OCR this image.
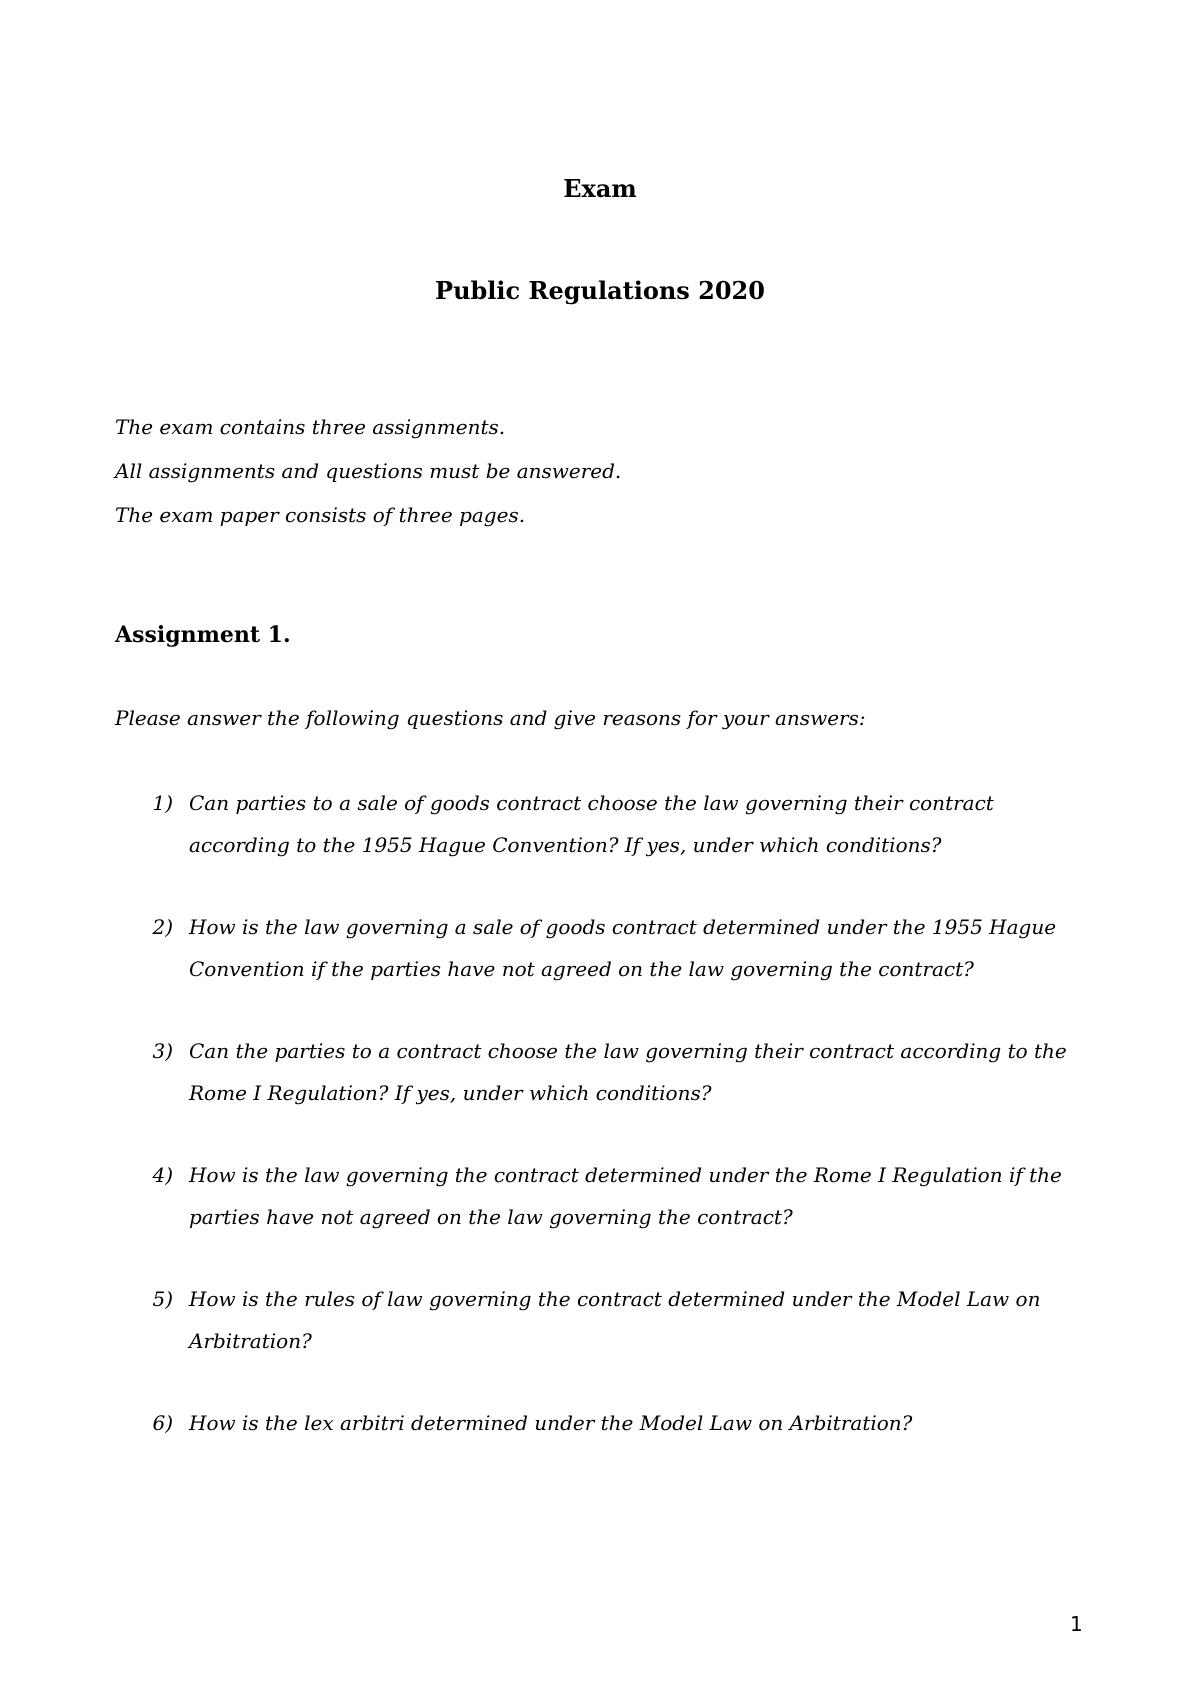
Exam
Public Regulations 2020
The exam contains three assignments.
All assignments and questions must be answered.
The exam paper consists of three pages.
Assignment 1.
Please answer the following questions and give reasons for your answers:
1) Can parties to a sale of goods contract choose the law governing their contract according to the 1955 Hague Convention? If yes, under which conditions?
2) How is the law governing a sale of goods contract determined under the 1955 Hague Convention if the parties have not agreed on the law governing the contract?
3) Can the parties to a contract choose the law governing their contract according to the Rome I Regulation? If yes, under which conditions?
4) How is the law governing the contract determined under the Rome I Regulation if the parties have not agreed on the law governing the contract?
5) How is the rules of law governing the contract determined under the Model Law on Arbitration?
6) How is the lex arbitri determined under the Model Law on Arbitration?
1
